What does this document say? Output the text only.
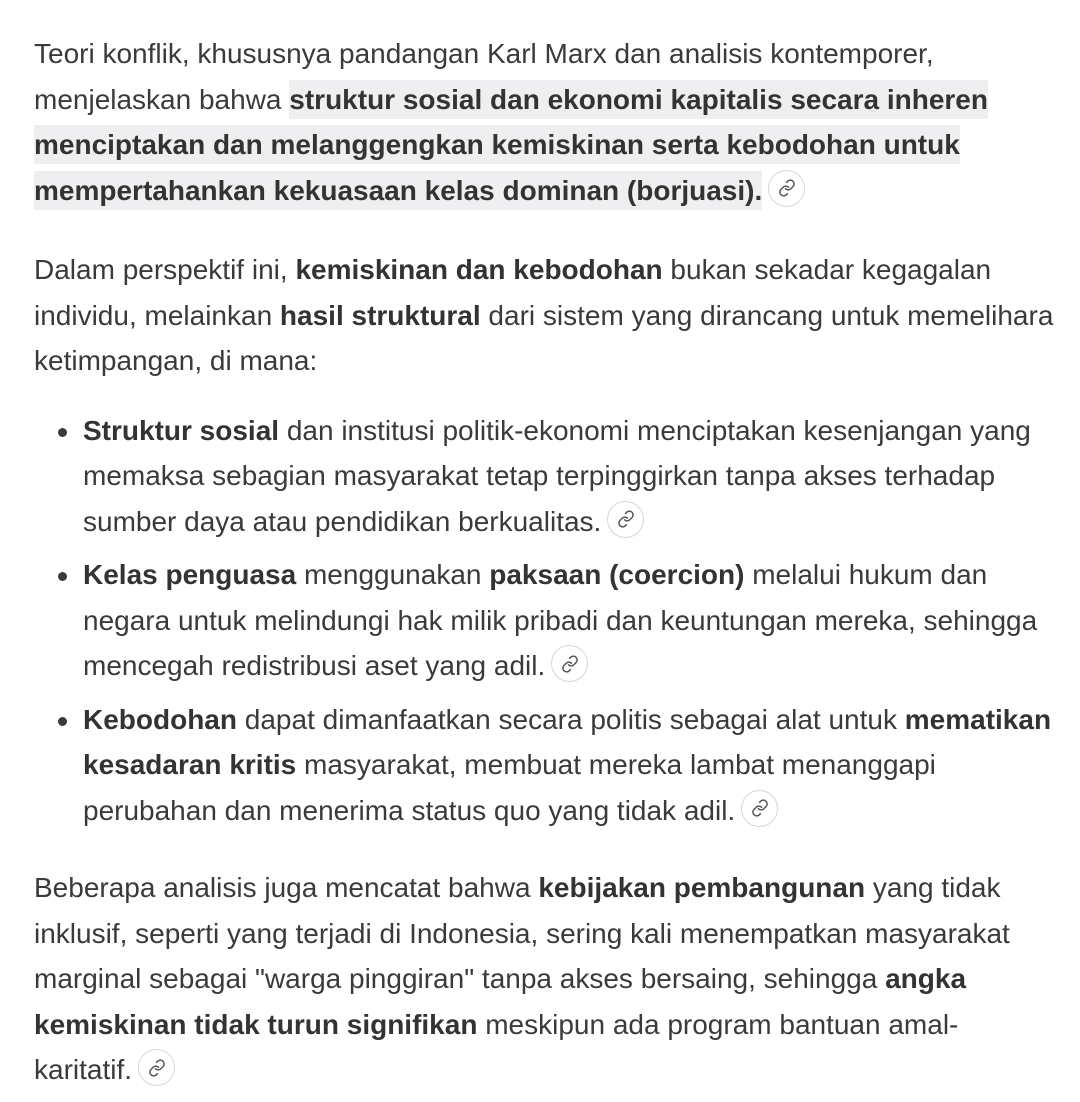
Teori konflik, khususnya pandangan Karl Marx dan analisis kontemporer, menjelaskan bahwa struktur sosial dan ekonomi kapitalis secara inheren menciptakan dan melanggengkan kemiskinan serta kebodohan untuk mempertahankan kekuasaan kelas dominan (borjuasi).

Dalam perspektif ini, kemiskinan dan kebodohan bukan sekadar kegagalan individu, melainkan hasil struktural dari sistem yang dirancang untuk memelihara ketimpangan, di mana:

Struktur sosial dan institusi politik-ekonomi menciptakan kesenjangan yang memaksa sebagian masyarakat tetap terpinggirkan tanpa akses terhadap sumber daya atau pendidikan berkualitas.
Kelas penguasa menggunakan paksaan (coercion) melalui hukum dan negara untuk melindungi hak milik pribadi dan keuntungan mereka, sehingga mencegah redistribusi aset yang adil.
Kebodohan dapat dimanfaatkan secara politis sebagai alat untuk mematikan kesadaran kritis masyarakat, membuat mereka lambat menanggapi perubahan dan menerima status quo yang tidak adil.

Beberapa analisis juga mencatat bahwa kebijakan pembangunan yang tidak inklusif, seperti yang terjadi di Indonesia, sering kali menempatkan masyarakat marginal sebagai "warga pinggiran" tanpa akses bersaing, sehingga angka kemiskinan tidak turun signifikan meskipun ada program bantuan amal-karitatif.
